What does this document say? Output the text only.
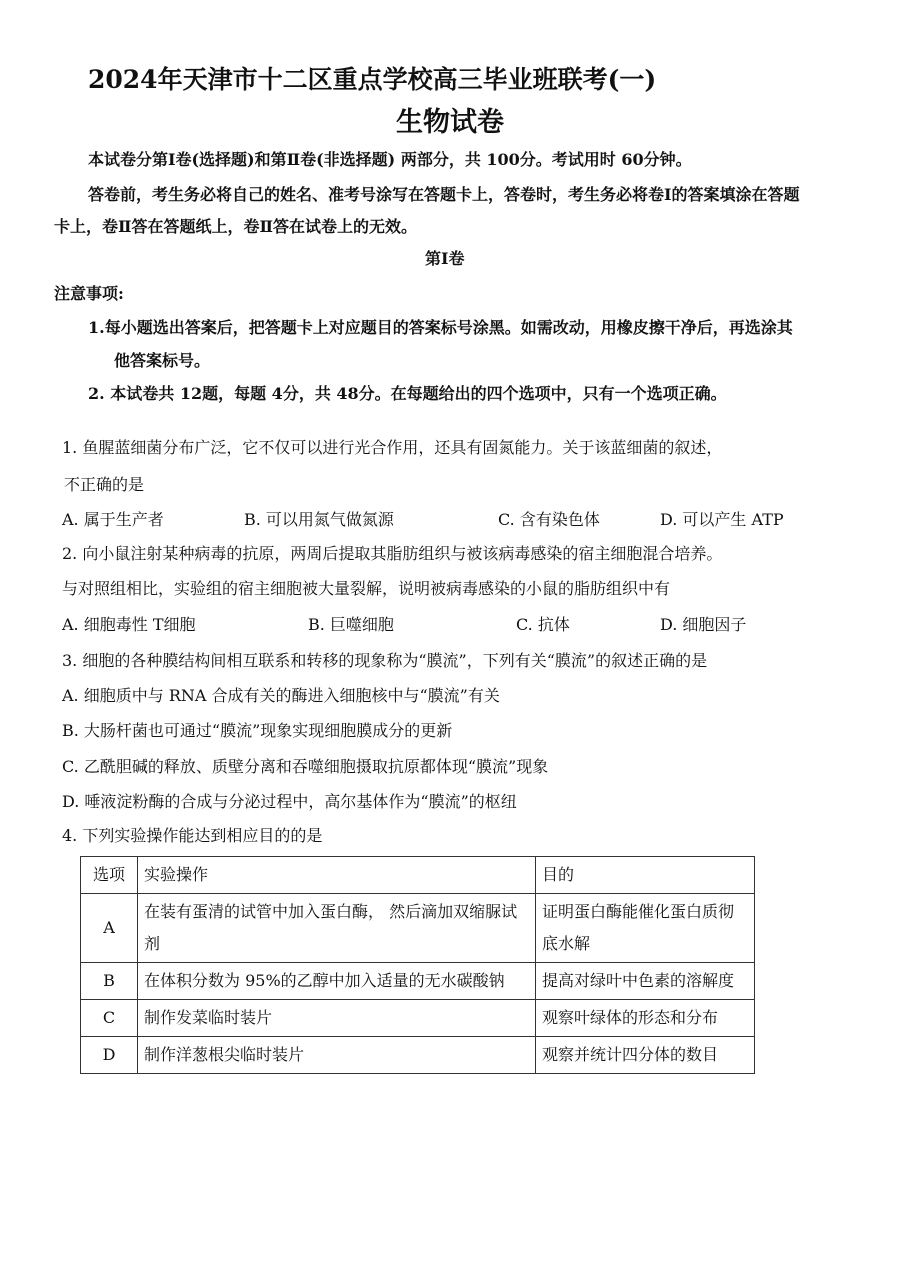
2024年天津市十二区重点学校高三毕业班联考(一)
生物试卷
本试卷分第Ⅰ卷(选择题)和第Ⅱ卷(非选择题) 两部分，共 100分。考试用时 60分钟。
答卷前，考生务必将自己的姓名、准考号涂写在答题卡上，答卷时，考生务必将卷Ⅰ的答案填涂在答题
卡上，卷Ⅱ答在答题纸上，卷Ⅱ答在试卷上的无效。
第Ⅰ卷
注意事项:
1.每小题选出答案后，把答题卡上对应题目的答案标号涂黑。如需改动，用橡皮擦干净后，再选涂其
他答案标号。
2. 本试卷共 12题，每题 4分，共 48分。在每题给出的四个选项中，只有一个选项正确。
1. 鱼腥蓝细菌分布广泛，它不仅可以进行光合作用，还具有固氮能力。关于该蓝细菌的叙述，
不正确的是
A. 属于生产者	B. 可以用氮气做氮源	C. 含有染色体	D. 可以产生 ATP
2. 向小鼠注射某种病毒的抗原，两周后提取其脂肪组织与被该病毒感染的宿主细胞混合培养。
与对照组相比，实验组的宿主细胞被大量裂解，说明被病毒感染的小鼠的脂肪组织中有
A. 细胞毒性 T细胞	B. 巨噬细胞	C. 抗体	D. 细胞因子
3. 细胞的各种膜结构间相互联系和转移的现象称为“膜流”，下列有关“膜流”的叙述正确的是
A. 细胞质中与 RNA 合成有关的酶进入细胞核中与“膜流”有关
B. 大肠杆菌也可通过“膜流”现象实现细胞膜成分的更新
C. 乙酰胆碱的释放、质壁分离和吞噬细胞摄取抗原都体现“膜流”现象
D. 唾液淀粉酶的合成与分泌过程中，高尔基体作为“膜流”的枢纽
4. 下列实验操作能达到相应目的的是
选项	实验操作	目的
A	在装有蛋清的试管中加入蛋白酶， 然后滴加双缩脲试剂	证明蛋白酶能催化蛋白质彻底水解
B	在体积分数为 95%的乙醇中加入适量的无水碳酸钠	提高对绿叶中色素的溶解度
C	制作发菜临时装片	观察叶绿体的形态和分布
D	制作洋葱根尖临时装片	观察并统计四分体的数目
